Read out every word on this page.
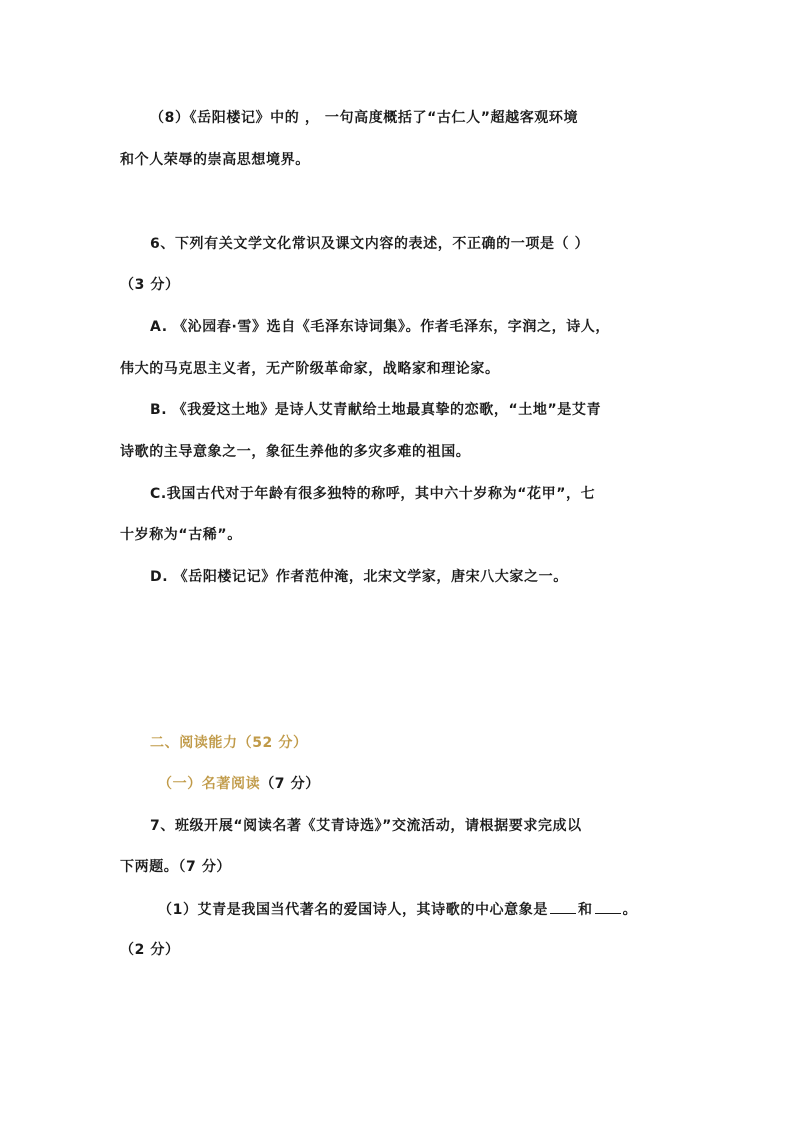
（8）《岳阳楼记》中的 ， 一句高度概括了“古仁人”超越客观环境
和个人荣辱的崇高思想境界。
6、下列有关文学文化常识及课文内容的表述，不正确的一项是（ ）
（3 分）
A. 《沁园春·雪》选自《毛泽东诗词集》。作者毛泽东，字润之，诗人，
伟大的马克思主义者，无产阶级革命家，战略家和理论家。
B. 《我爱这土地》是诗人艾青献给土地最真挚的恋歌，“土地”是艾青
诗歌的主导意象之一，象征生养他的多灾多难的祖国。
C.我国古代对于年龄有很多独特的称呼，其中六十岁称为“花甲”，七
十岁称为“古稀”。
D. 《岳阳楼记记》作者范仲淹，北宋文学家，唐宋八大家之一。
二、阅读能力（52 分）
（一）名著阅读（7 分）
7、班级开展“阅读名著《艾青诗选》”交流活动，请根据要求完成以
下两题。（7 分）
（1）艾青是我国当代著名的爱国诗人，其诗歌的中心意象是 和 。
（2 分）
